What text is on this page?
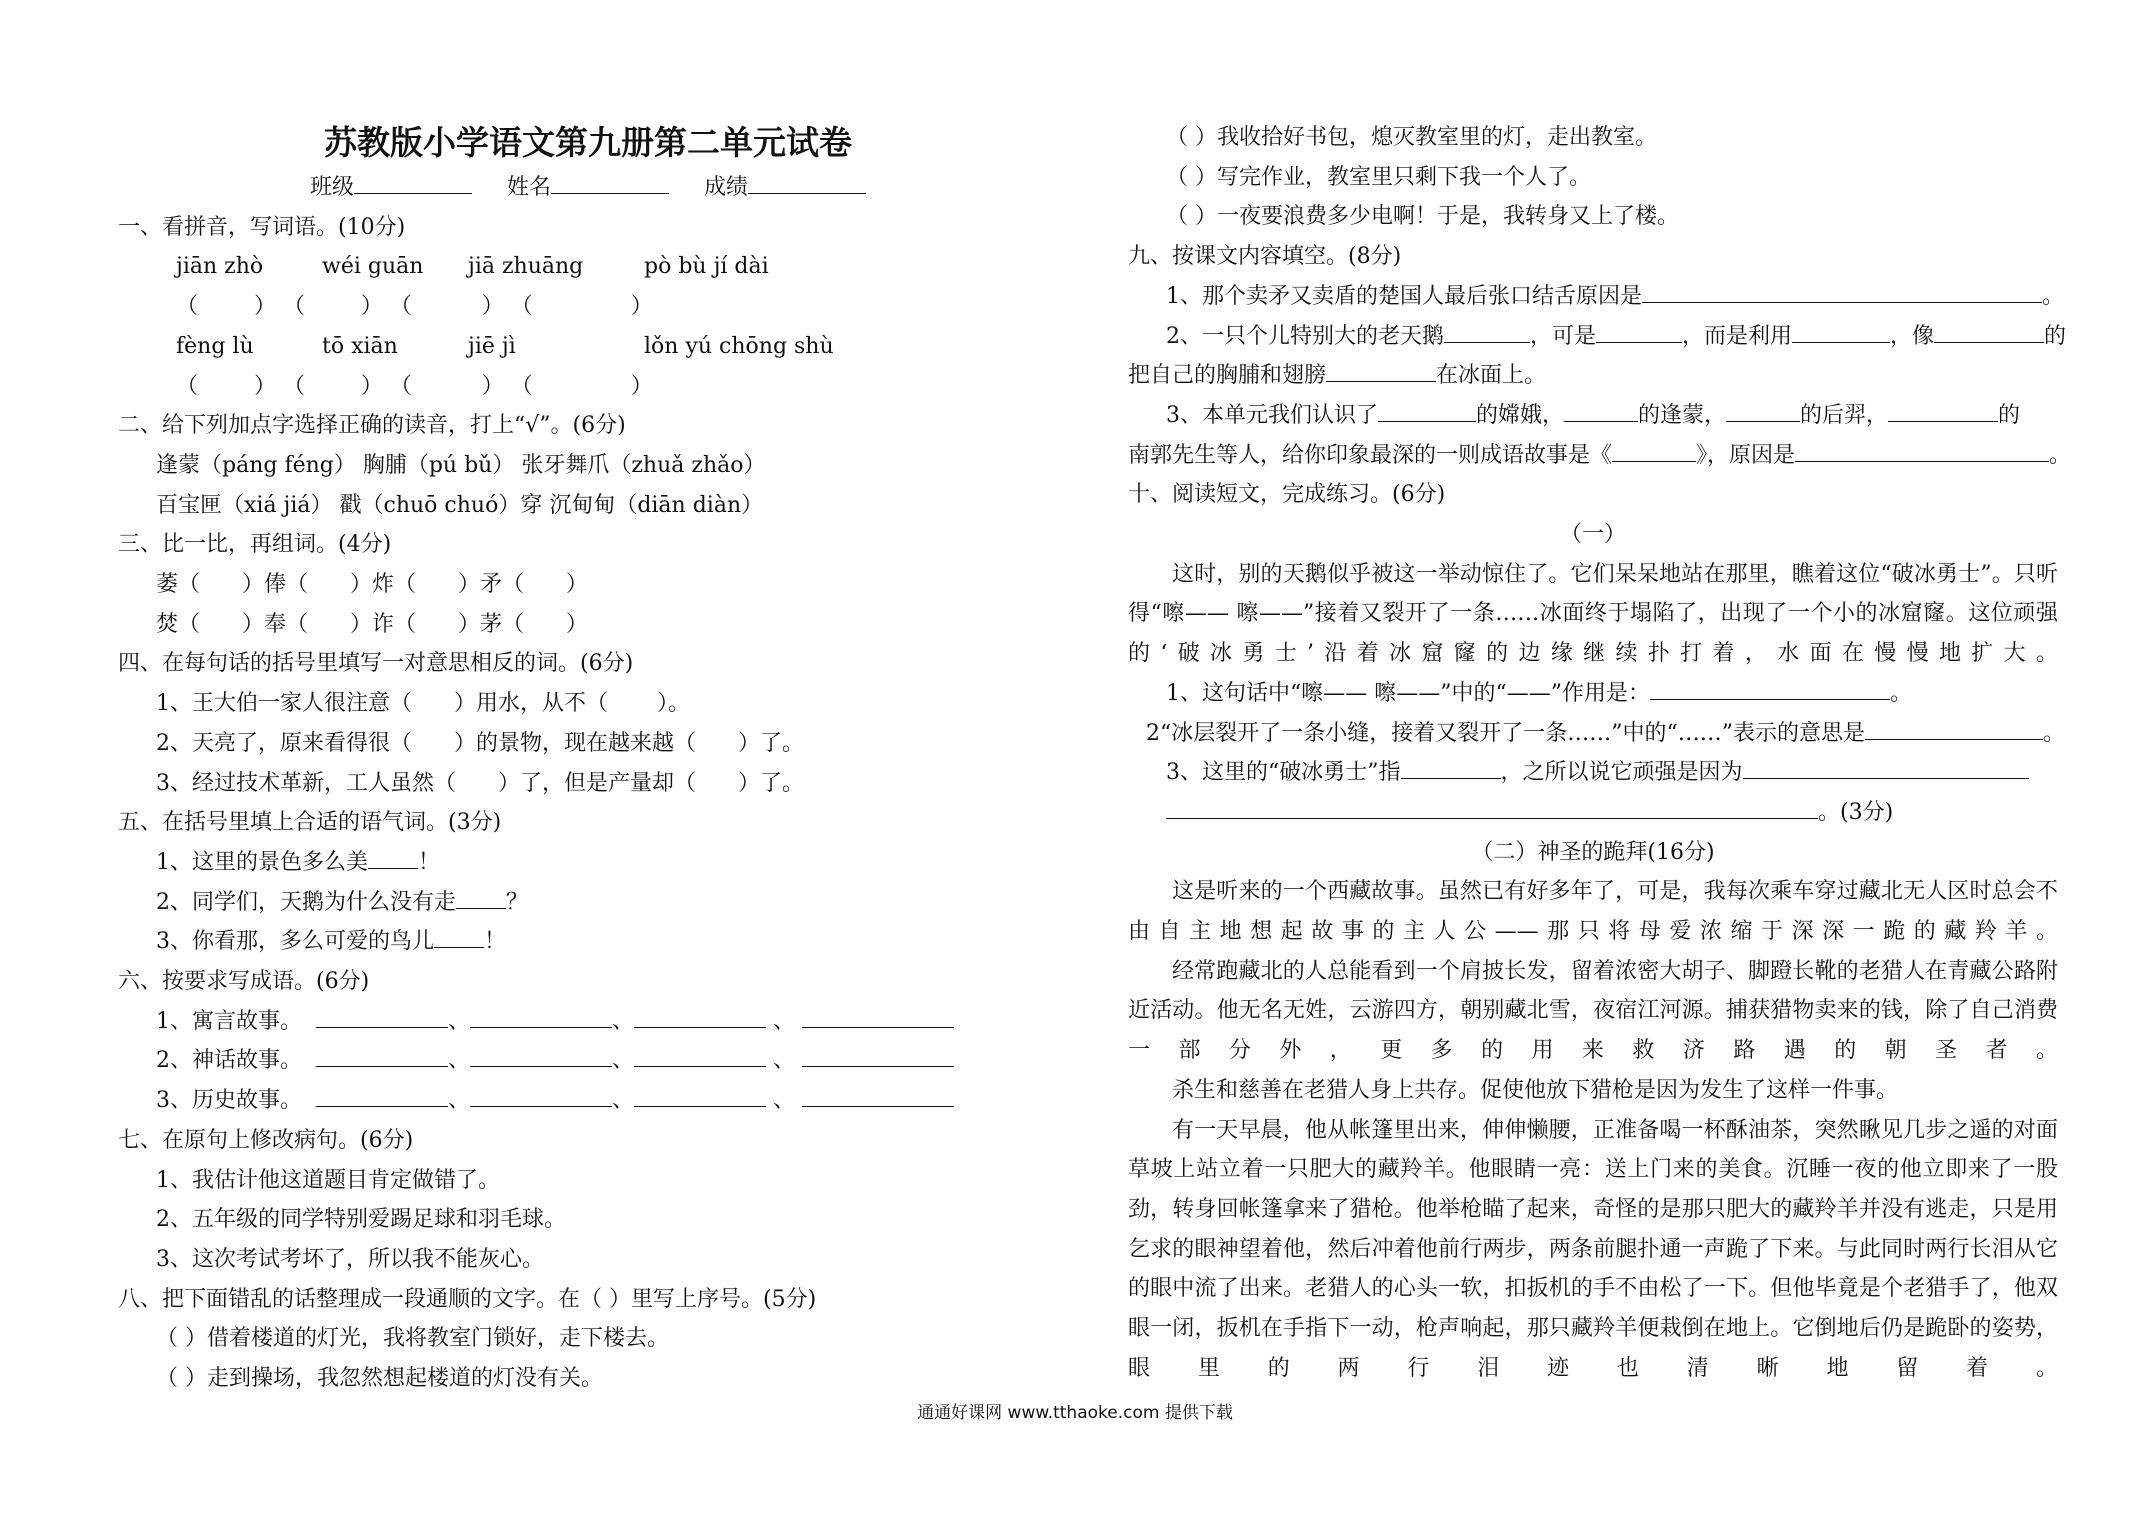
苏教版小学语文第九册第二单元试卷
班级	姓名	成绩
一、看拼音，写词语。(10分)
jiān zhò	wéi guān jiā zhuāng	pò bù jí dài
（        ） （        ） （          ） （              ）
fèng lù	tō xiān	jiē jì	lǒn yú chōng shù
（        ） （        ） （          ） （              ）
二、给下列加点字选择正确的读音，打上“√”。(6分)
逢蒙（páng féng） 胸脯（pú bǔ） 张牙舞爪（zhuǎ zhǎo）
百宝匣（xiá jiá） 戳（chuō chuó）穿 沉甸甸（diān diàn）
三、比一比，再组词。(4分)
萎（      ）俸（      ）炸（      ）矛（      ）
焚（      ）奉（      ）诈（      ）茅（      ）
四、在每句话的括号里填写一对意思相反的词。(6分)
1、王大伯一家人很注意（ ）用水，从不（ ）。
2、天亮了，原来看得很（ ）的景物，现在越来越（ ）了。
3、经过技术革新，工人虽然（ ）了，但是产量却（ ）了。
五、在括号里填上合适的语气词。(3分)
1、这里的景色多么美 ！
2、同学们，天鹅为什么没有走 ？
3、你看那，多么可爱的鸟儿 ！
六、按要求写成语。(6分)
1、寓言故事。	、	、	、
2、神话故事。	、	、	、
3、历史故事。	、	、	、
七、在原句上修改病句。(6分)
1、我估计他这道题目肯定做错了。
2、五年级的同学特别爱踢足球和羽毛球。
3、这次考试考坏了，所以我不能灰心。
八、把下面错乱的话整理成一段通顺的文字。在（ ）里写上序号。(5分)
（ ）借着楼道的灯光，我将教室门锁好，走下楼去。
（ ）走到操场，我忽然想起楼道的灯没有关。
（ ）我收拾好书包，熄灭教室里的灯，走出教室。
（ ）写完作业，教室里只剩下我一个人了。
（ ）一夜要浪费多少电啊！于是，我转身又上了楼。
九、按课文内容填空。(8分)
1、那个卖矛又卖盾的楚国人最后张口结舌原因是	。
2、一只个儿特别大的老天鹅	，可是	，而是利用	，像	的
把自己的胸脯和翅膀	在冰面上。
3、本单元我们认识了	的嫦娥，	的逢蒙，	的后羿，	的
南郭先生等人，给你印象最深的一则成语故事是《	》，原因是	。
十、阅读短文，完成练习。(6分)
（一）
这时，别的天鹅似乎被这一举动惊住了。它们呆呆地站在那里，瞧着这位“破冰勇士”。只听得“嚓—— 嚓——”接着又裂开了一条……冰面终于塌陷了，出现了一个小的冰窟窿。这位顽强的‘破冰勇士’沿着冰窟窿的边缘继续扑打着，水面在慢慢地扩大。
1、这句话中“嚓—— 嚓——”中的“——”作用是：	。
2“冰层裂开了一条小缝，接着又裂开了一条……”中的“……”表示的意思是	。
3、这里的“破冰勇士”指	，之所以说它顽强是因为
。(3分)
（二）神圣的跪拜(16分)
这是听来的一个西藏故事。虽然已有好多年了，可是，我每次乘车穿过藏北无人区时总会不由自主地想起故事的主人公——那只将母爱浓缩于深深一跪的藏羚羊。
经常跑藏北的人总能看到一个肩披长发，留着浓密大胡子、脚蹬长靴的老猎人在青藏公路附近活动。他无名无姓，云游四方，朝别藏北雪，夜宿江河源。捕获猎物卖来的钱，除了自己消费一部分外，更多的用来救济路遇的朝圣者。
杀生和慈善在老猎人身上共存。促使他放下猎枪是因为发生了这样一件事。
有一天早晨，他从帐篷里出来，伸伸懒腰，正准备喝一杯酥油茶，突然瞅见几步之遥的对面草坡上站立着一只肥大的藏羚羊。他眼睛一亮：送上门来的美食。沉睡一夜的他立即来了一股劲，转身回帐篷拿来了猎枪。他举枪瞄了起来，奇怪的是那只肥大的藏羚羊并没有逃走，只是用乞求的眼神望着他，然后冲着他前行两步，两条前腿扑通一声跪了下来。与此同时两行长泪从它的眼中流了出来。老猎人的心头一软，扣扳机的手不由松了一下。但他毕竟是个老猎手了，他双眼一闭，扳机在手指下一动，枪声响起，那只藏羚羊便栽倒在地上。它倒地后仍是跪卧的姿势，眼里的两行泪迹也清晰地留着。
通通好课网 www.tthaoke.com 提供下载
